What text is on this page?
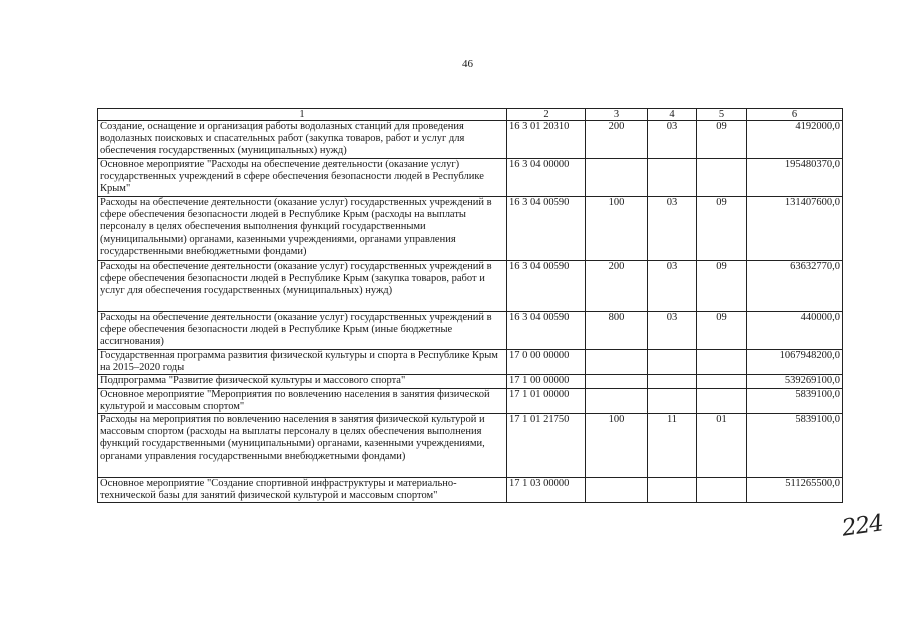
46
1	2	3	4	5	6
Создание, оснащение и организация работы водолазных станций для проведения водолазных поисковых и спасательных работ (закупка товаров, работ и услуг для обеспечения государственных (муниципальных) нужд)	16 3 01 20310	200	03	09	4192000,0
Основное мероприятие "Расходы на обеспечение деятельности (оказание услуг) государственных учреждений в сфере обеспечения безопасности людей в Республике Крым"	16 3 04 00000				195480370,0
Расходы на обеспечение деятельности (оказание услуг) государственных учреждений в сфере обеспечения безопасности людей в Республике Крым (расходы на выплаты персоналу в целях обеспечения выполнения функций государственными (муниципальными) органами, казенными учреждениями, органами управления государственными внебюджетными фондами)	16 3 04 00590	100	03	09	131407600,0
Расходы на обеспечение деятельности (оказание услуг) государственных учреждений в сфере обеспечения безопасности людей в Республике Крым (закупка товаров, работ и услуг для обеспечения государственных (муниципальных) нужд)	16 3 04 00590	200	03	09	63632770,0
Расходы на обеспечение деятельности (оказание услуг) государственных учреждений в сфере обеспечения безопасности людей в Республике Крым (иные бюджетные ассигнования)	16 3 04 00590	800	03	09	440000,0
Государственная программа развития физической культуры и спорта в Республике Крым на 2015–2020 годы	17 0 00 00000				1067948200,0
Подпрограмма "Развитие физической культуры и массового спорта"	17 1 00 00000				539269100,0
Основное мероприятие "Мероприятия по вовлечению населения в занятия физической культурой и массовым спортом"	17 1 01 00000				5839100,0
Расходы на мероприятия по вовлечению населения в занятия физической культурой и массовым спортом (расходы на выплаты персоналу в целях обеспечения выполнения функций государственными (муниципальными) органами, казенными учреждениями, органами управления государственными внебюджетными фондами)	17 1 01 21750	100	11	01	5839100,0
Основное мероприятие "Создание спортивной инфраструктуры и материально-технической базы для занятий физической культурой и массовым спортом"	17 1 03 00000				511265500,0
224
